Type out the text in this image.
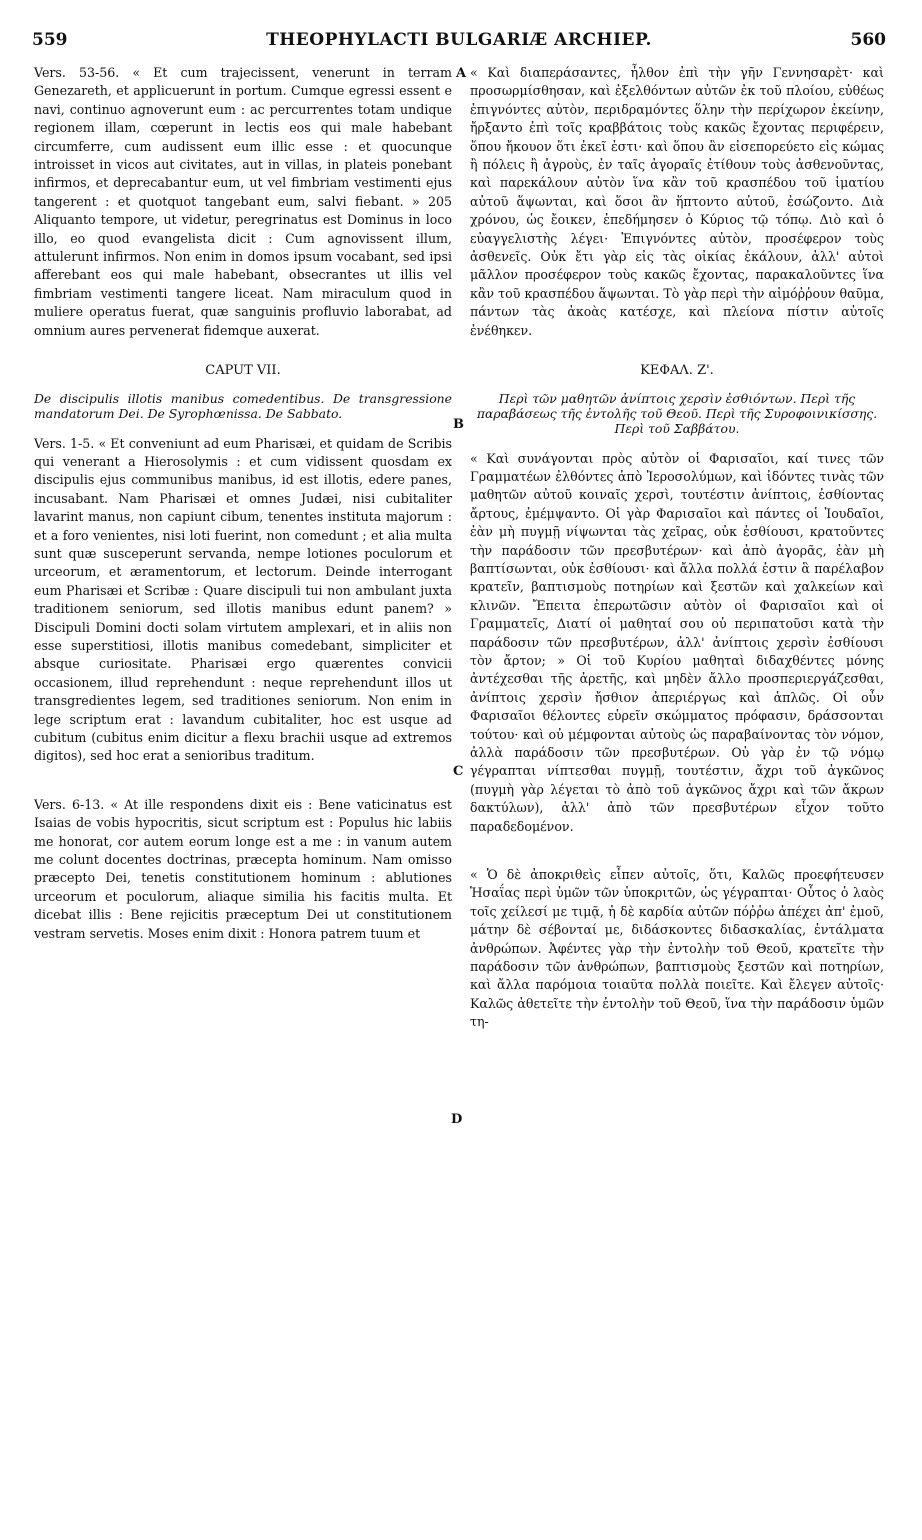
559	THEOPHYLACTI BULGARIÆ ARCHIEP.	560

Vers. 53-56. « Et cum trajecissent, venerunt in terram Genezareth, et applicuerunt in portum. Cumque egressi essent e navi, continuo agnoverunt eum : ac percurrentes totam undique regionem illam, cœperunt in lectis eos qui male habebant circumferre, cum audissent eum illic esse : et quocunque introisset in vicos aut civitates, aut in villas, in plateis ponebant infirmos, et deprecabantur eum, ut vel fimbriam vestimenti ejus tangerent : et quotquot tangebant eum, salvi fiebant. » 205 Aliquanto tempore, ut videtur, peregrinatus est Dominus in loco illo, eo quod evangelista dicit : Cum agnovissent illum, attulerunt infirmos. Non enim in domos ipsum vocabant, sed ipsi afferebant eos qui male habebant, obsecrantes ut illis vel fimbriam vestimenti tangere liceat. Nam miraculum quod in muliere operatus fuerat, quæ sanguinis profluvio laborabat, ad omnium aures pervenerat fidemque auxerat.

CAPUT VII.
De discipulis illotis manibus comedentibus. De transgressione mandatorum Dei. De Syrophœnissa. De Sabbato.

Vers. 1-5. « Et conveniunt ad eum Pharisæi, et quidam de Scribis qui venerant a Hierosolymis : et cum vidissent quosdam ex discipulis ejus communibus manibus, id est illotis, edere panes, incusabant. Nam Pharisæi et omnes Judæi, nisi cubitaliter lavarint manus, non capiunt cibum, tenentes instituta majorum : et a foro venientes, nisi loti fuerint, non comedunt ; et alia multa sunt quæ susceperunt servanda, nempe lotiones poculorum et urceorum, et æramentorum, et lectorum. Deinde interrogant eum Pharisæi et Scribæ : Quare discipuli tui non ambulant juxta traditionem seniorum, sed illotis manibus edunt panem? » Discipuli Domini docti solam virtutem amplexari, et in aliis non esse superstitiosi, illotis manibus comedebant, simpliciter et absque curiositate. Pharisæi ergo quærentes convicii occasionem, illud reprehendunt : neque reprehendunt illos ut transgredientes legem, sed traditiones seniorum. Non enim in lege scriptum erat : lavandum cubitaliter, hoc est usque ad cubitum (cubitus enim dicitur a flexu brachii usque ad extremos digitos), sed hoc erat a senioribus traditum.

Vers. 6-13. « At ille respondens dixit eis : Bene vaticinatus est Isaias de vobis hypocritis, sicut scriptum est : Populus hic labiis me honorat, cor autem eorum longe est a me : in vanum autem me colunt docentes doctrinas, præcepta hominum. Nam omisso præcepto Dei, tenetis constitutionem hominum : ablutiones urceorum et poculorum, aliaque similia his facitis multa. Et dicebat illis : Bene rejicitis præceptum Dei ut constitutionem vestram servetis. Moses enim dixit : Honora patrem tuum et

« Καὶ διαπεράσαντες, ἦλθον ἐπὶ τὴν γῆν Γεννησαρὲτ· καὶ προσωρμίσθησαν, καὶ ἐξελθόντων αὐτῶν ἐκ τοῦ πλοίου, εὐθέως ἐπιγνόντες αὐτὸν, περιδραμόντες ὅλην τὴν περίχωρον ἐκείνην, ἤρξαντο ἐπὶ τοῖς κραββάτοις τοὺς κακῶς ἔχοντας περιφέρειν, ὅπου ἤκουον ὅτι ἐκεῖ ἐστι· καὶ ὅπου ἂν εἰσεπορεύετο εἰς κώμας ἢ πόλεις ἢ ἀγροὺς, ἐν ταῖς ἀγοραῖς ἐτίθουν τοὺς ἀσθενοῦντας, καὶ παρεκάλουν αὐτὸν ἵνα κἂν τοῦ κρασπέδου τοῦ ἱματίου αὐτοῦ ἅψωνται, καὶ ὅσοι ἂν ἥπτοντο αὐτοῦ, ἐσώζοντο. Διὰ χρόνου, ὡς ἔοικεν, ἐπεδήμησεν ὁ Κύριος τῷ τόπῳ. Διὸ καὶ ὁ εὐαγγελιστὴς λέγει· Ἐπιγνόντες αὐτὸν, προσέφερον τοὺς ἀσθενεῖς. Οὐκ ἔτι γὰρ εἰς τὰς οἰκίας ἐκάλουν, ἀλλ' αὐτοὶ μᾶλλον προσέφερον τοὺς κακῶς ἔχοντας, παρακαλοῦντες ἵνα κἂν τοῦ κρασπέδου ἅψωνται. Τὸ γὰρ περὶ τὴν αἱμόῤῥουν θαῦμα, πάντων τὰς ἀκοὰς κατέσχε, καὶ πλείονα πίστιν αὐτοῖς ἐνέθηκεν.

ΚΕΦΑΛ. Ζ'.
Περὶ τῶν μαθητῶν ἀνίπτοις χερσὶν ἐσθιόντων. Περὶ τῆς παραβάσεως τῆς ἐντολῆς τοῦ Θεοῦ. Περὶ τῆς Συροφοινικίσσης. Περὶ τοῦ Σαββάτου.

« Καὶ συνάγονται πρὸς αὐτὸν οἱ Φαρισαῖοι, καί τινες τῶν Γραμματέων ἐλθόντες ἀπὸ Ἱεροσολύμων, καὶ ἰδόντες τινὰς τῶν μαθητῶν αὐτοῦ κοιναῖς χερσὶ, τουτέστιν ἀνίπτοις, ἐσθίοντας ἄρτους, ἐμέμψαντο. Οἱ γὰρ Φαρισαῖοι καὶ πάντες οἱ Ἰουδαῖοι, ἐὰν μὴ πυγμῇ νίψωνται τὰς χεῖρας, οὐκ ἐσθίουσι, κρατοῦντες τὴν παράδοσιν τῶν πρεσβυτέρων· καὶ ἀπὸ ἀγορᾶς, ἐὰν μὴ βαπτίσωνται, οὐκ ἐσθίουσι· καὶ ἄλλα πολλά ἐστιν ἃ παρέλαβον κρατεῖν, βαπτισμοὺς ποτηρίων καὶ ξεστῶν καὶ χαλκείων καὶ κλινῶν. Ἔπειτα ἐπερωτῶσιν αὐτὸν οἱ Φαρισαῖοι καὶ οἱ Γραμματεῖς, Διατί οἱ μαθηταί σου οὐ περιπατοῦσι κατὰ τὴν παράδοσιν τῶν πρεσβυτέρων, ἀλλ' ἀνίπτοις χερσὶν ἐσθίουσι τὸν ἄρτον; » Οἱ τοῦ Κυρίου μαθηταὶ διδαχθέντες μόνης ἀντέχεσθαι τῆς ἀρετῆς, καὶ μηδὲν ἄλλο προσπεριεργάζεσθαι, ἀνίπτοις χερσὶν ἤσθιον ἀπεριέργως καὶ ἁπλῶς. Οἱ οὖν Φαρισαῖοι θέλοντες εὑρεῖν σκώμματος πρόφασιν, δράσσονται τούτου· καὶ οὐ μέμφονται αὐτοὺς ὡς παραβαίνοντας τὸν νόμον, ἀλλὰ παράδοσιν τῶν πρεσβυτέρων. Οὐ γὰρ ἐν τῷ νόμῳ γέγραπται νίπτεσθαι πυγμῇ, τουτέστιν, ἄχρι τοῦ ἀγκῶνος (πυγμὴ γὰρ λέγεται τὸ ἀπὸ τοῦ ἀγκῶνος ἄχρι καὶ τῶν ἄκρων δακτύλων), ἀλλ' ἀπὸ τῶν πρεσβυτέρων εἶχον τοῦτο παραδεδομένον.

« Ὁ δὲ ἀποκριθεὶς εἶπεν αὐτοῖς, ὅτι, Καλῶς προεφήτευσεν Ἡσαΐας περὶ ὑμῶν τῶν ὑποκριτῶν, ὡς γέγραπται· Οὗτος ὁ λαὸς τοῖς χείλεσί με τιμᾷ, ἡ δὲ καρδία αὐτῶν πόῤῥω ἀπέχει ἀπ' ἐμοῦ, μάτην δὲ σέβονταί με, διδάσκοντες διδασκαλίας, ἐντάλματα ἀνθρώπων. Ἀφέντες γὰρ τὴν ἐντολὴν τοῦ Θεοῦ, κρατεῖτε τὴν παράδοσιν τῶν ἀνθρώπων, βαπτισμοὺς ξεστῶν καὶ ποτηρίων, καὶ ἄλλα παρόμοια τοιαῦτα πολλὰ ποιεῖτε. Καὶ ἔλεγεν αὐτοῖς· Καλῶς ἀθετεῖτε τὴν ἐντολὴν τοῦ Θεοῦ, ἵνα τὴν παράδοσιν ὑμῶν τη-

A
B
C
D
